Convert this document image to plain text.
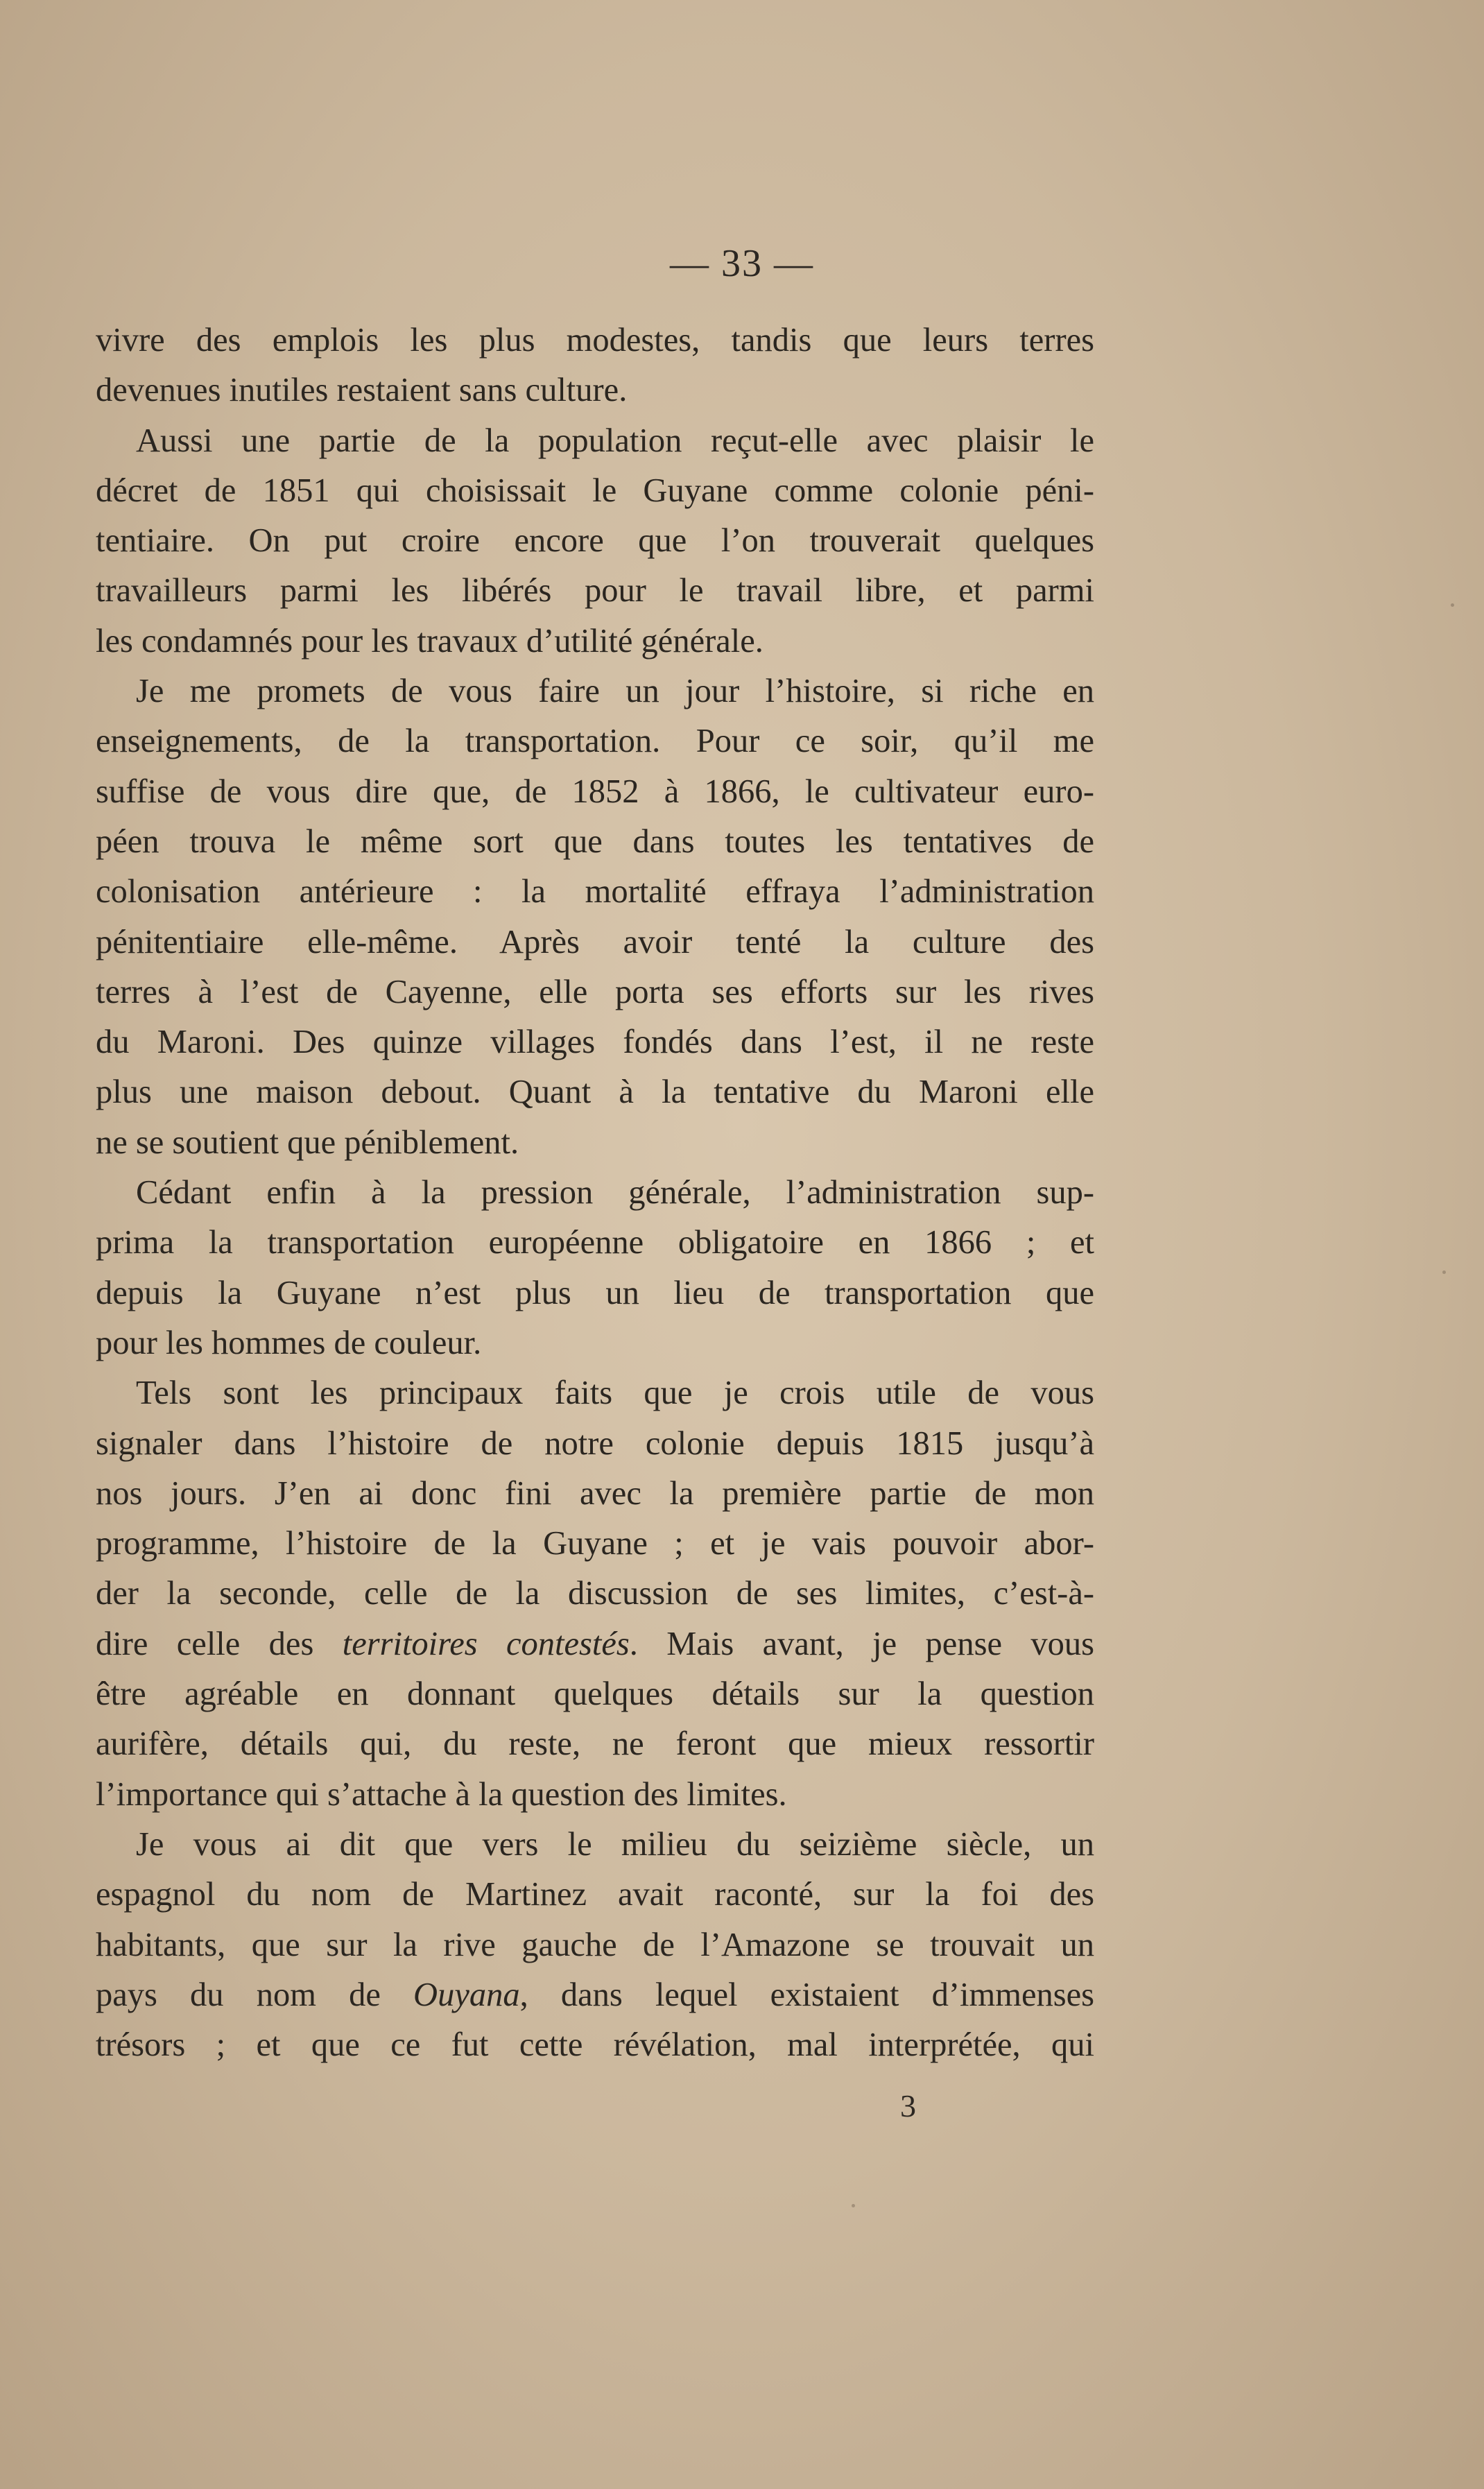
— 33 —
vivre des emplois les plus modestes, tandis que leurs terres
devenues inutiles restaient sans culture.
Aussi une partie de la population reçut-elle avec plaisir le
décret de 1851 qui choisissait le Guyane comme colonie péni-
tentiaire. On put croire encore que l’on trouverait quelques
travailleurs parmi les libérés pour le travail libre, et parmi
les condamnés pour les travaux d’utilité générale.
Je me promets de vous faire un jour l’histoire, si riche en
enseignements, de la transportation. Pour ce soir, qu’il me
suffise de vous dire que, de 1852 à 1866, le cultivateur euro-
péen trouva le même sort que dans toutes les tentatives de
colonisation antérieure : la mortalité effraya l’administration
pénitentiaire elle-même. Après avoir tenté la culture des
terres à l’est de Cayenne, elle porta ses efforts sur les rives
du Maroni. Des quinze villages fondés dans l’est, il ne reste
plus une maison debout. Quant à la tentative du Maroni elle
ne se soutient que péniblement.
Cédant enfin à la pression générale, l’administration sup-
prima la transportation européenne obligatoire en 1866 ; et
depuis la Guyane n’est plus un lieu de transportation que
pour les hommes de couleur.
Tels sont les principaux faits que je crois utile de vous
signaler dans l’histoire de notre colonie depuis 1815 jusqu’à
nos jours. J’en ai donc fini avec la première partie de mon
programme, l’histoire de la Guyane ; et je vais pouvoir abor-
der la seconde, celle de la discussion de ses limites, c’est-à-
dire celle des territoires contestés. Mais avant, je pense vous
être agréable en donnant quelques détails sur la question
aurifère, détails qui, du reste, ne feront que mieux ressortir
l’importance qui s’attache à la question des limites.
Je vous ai dit que vers le milieu du seizième siècle, un
espagnol du nom de Martinez avait raconté, sur la foi des
habitants, que sur la rive gauche de l’Amazone se trouvait un
pays du nom de Ouyana, dans lequel existaient d’immenses
trésors ; et que ce fut cette révélation, mal interprétée, qui
3
